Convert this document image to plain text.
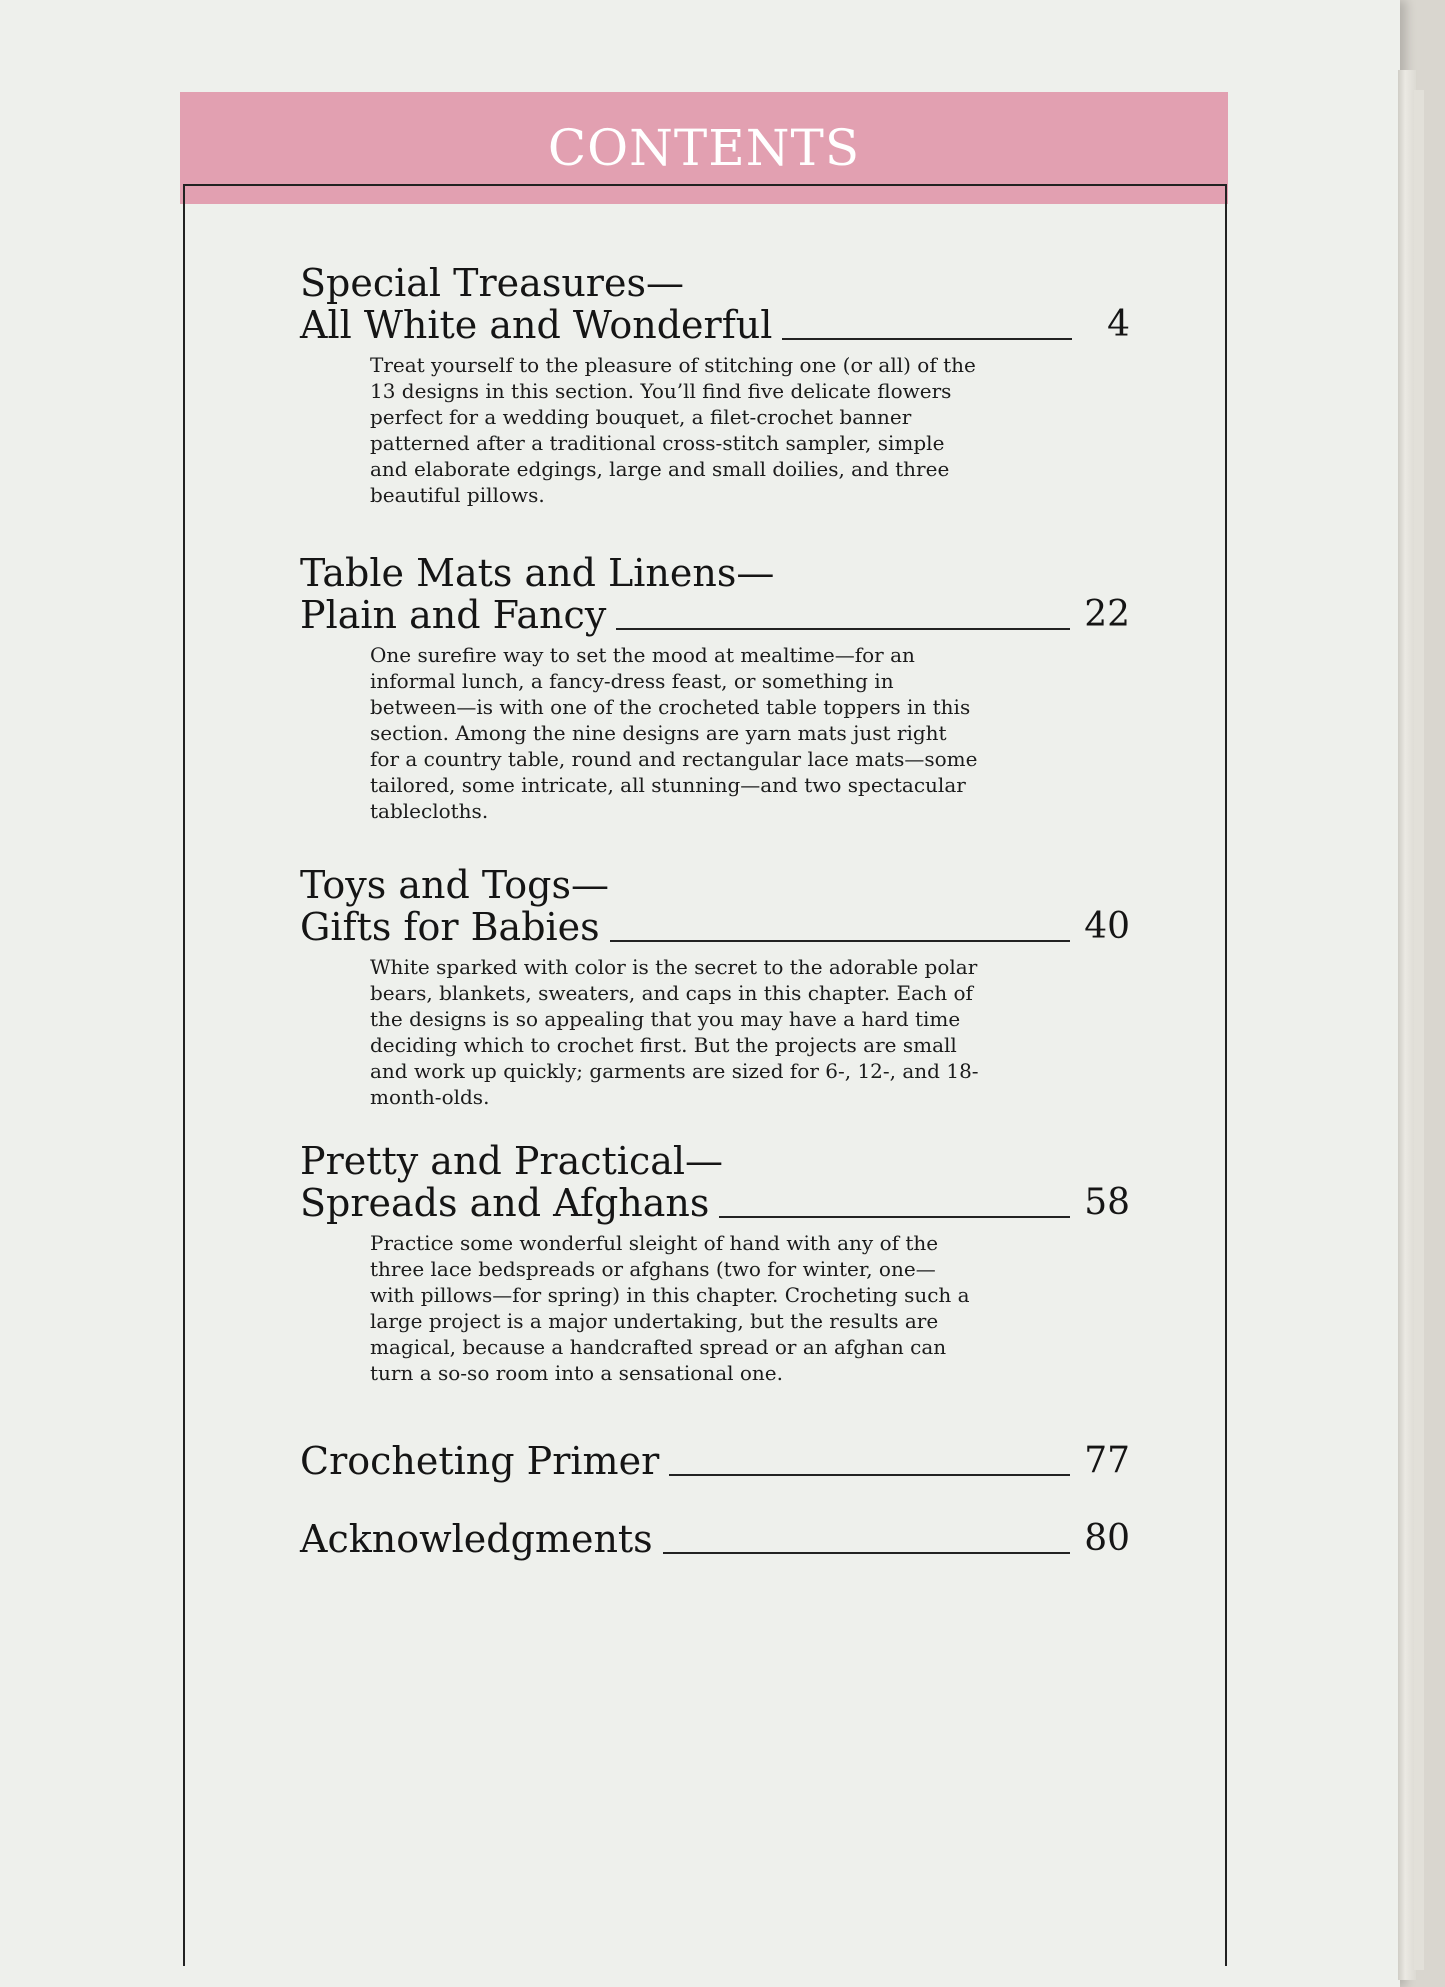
CONTENTS
Special Treasures—
All White and Wonderful	4
Treat yourself to the pleasure of stitching one (or all) of the 13 designs in this section. You’ll find five delicate flowers perfect for a wedding bouquet, a filet-crochet banner patterned after a traditional cross-stitch sampler, simple and elaborate edgings, large and small doilies, and three beautiful pillows.
Table Mats and Linens—
Plain and Fancy	22
One surefire way to set the mood at mealtime—for an informal lunch, a fancy-dress feast, or something in between—is with one of the crocheted table toppers in this section. Among the nine designs are yarn mats just right for a country table, round and rectangular lace mats—some tailored, some intricate, all stunning—and two spectacular tablecloths.
Toys and Togs—
Gifts for Babies	40
White sparked with color is the secret to the adorable polar bears, blankets, sweaters, and caps in this chapter. Each of the designs is so appealing that you may have a hard time deciding which to crochet first. But the projects are small and work up quickly; garments are sized for 6-, 12-, and 18-month-olds.
Pretty and Practical—
Spreads and Afghans	58
Practice some wonderful sleight of hand with any of the three lace bedspreads or afghans (two for winter, one—with pillows—for spring) in this chapter. Crocheting such a large project is a major undertaking, but the results are magical, because a handcrafted spread or an afghan can turn a so-so room into a sensational one.
Crocheting Primer	77
Acknowledgments	80
